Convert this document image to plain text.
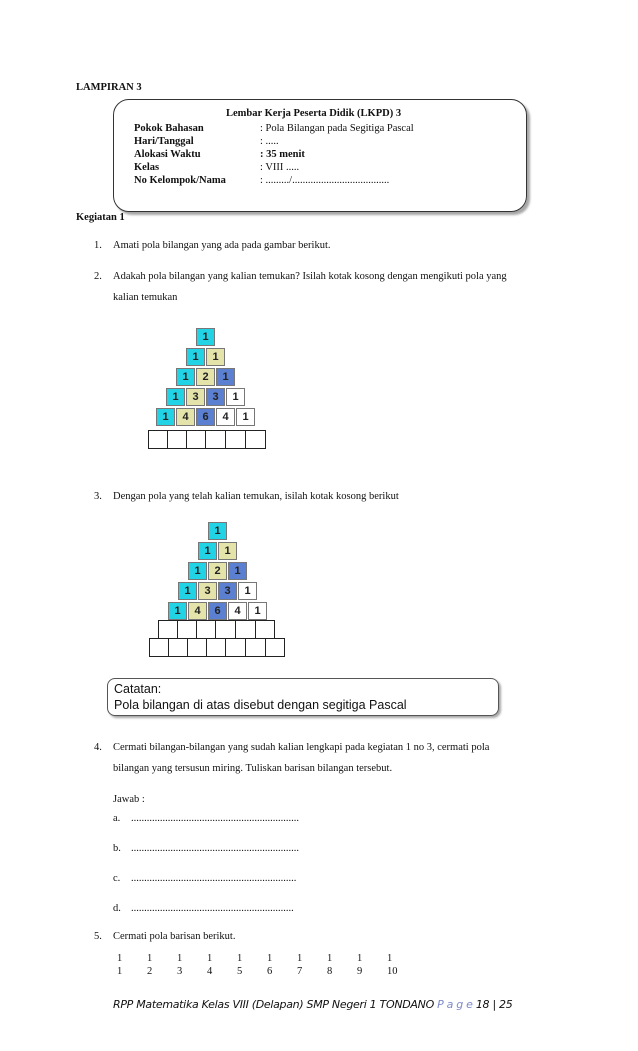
LAMPIRAN 3
Lembar Kerja Peserta Didik (LKPD) 3
Pokok Bahasan	: Pola Bilangan pada Segitiga Pascal
Hari/Tanggal	: .....
Alokasi Waktu	: 35 menit
Kelas	: VIII .....
No Kelompok/Nama	: ........./.....................................
Kegiatan 1
1. Amati pola bilangan yang ada pada gambar berikut.
2. Adakah pola bilangan yang kalian temukan? Isilah kotak kosong dengan mengikuti pola yang
kalian temukan
1
1	1
1	2	1
1	3	3	1
1	4	6	4	1
3. Dengan pola yang telah kalian temukan, isilah kotak kosong berikut
1
1	1
1	2	1
1	3	3	1
1	4	6	4	1
Catatan:
Pola bilangan di atas disebut dengan segitiga Pascal
4. Cermati bilangan-bilangan yang sudah kalian lengkapi pada kegiatan 1 no 3, cermati pola
bilangan yang tersusun miring. Tuliskan barisan bilangan tersebut.
Jawab :
a. ................................................................
b. ................................................................
c. ...............................................................
d. ..............................................................
5. Cermati pola barisan berikut.
1 1 1 1 1 1 1 1 1 1
1 2 3 4 5 6 7 8 9 10
RPP Matematika Kelas VIII (Delapan) SMP Negeri 1 TONDANO P a g e 18 | 25
